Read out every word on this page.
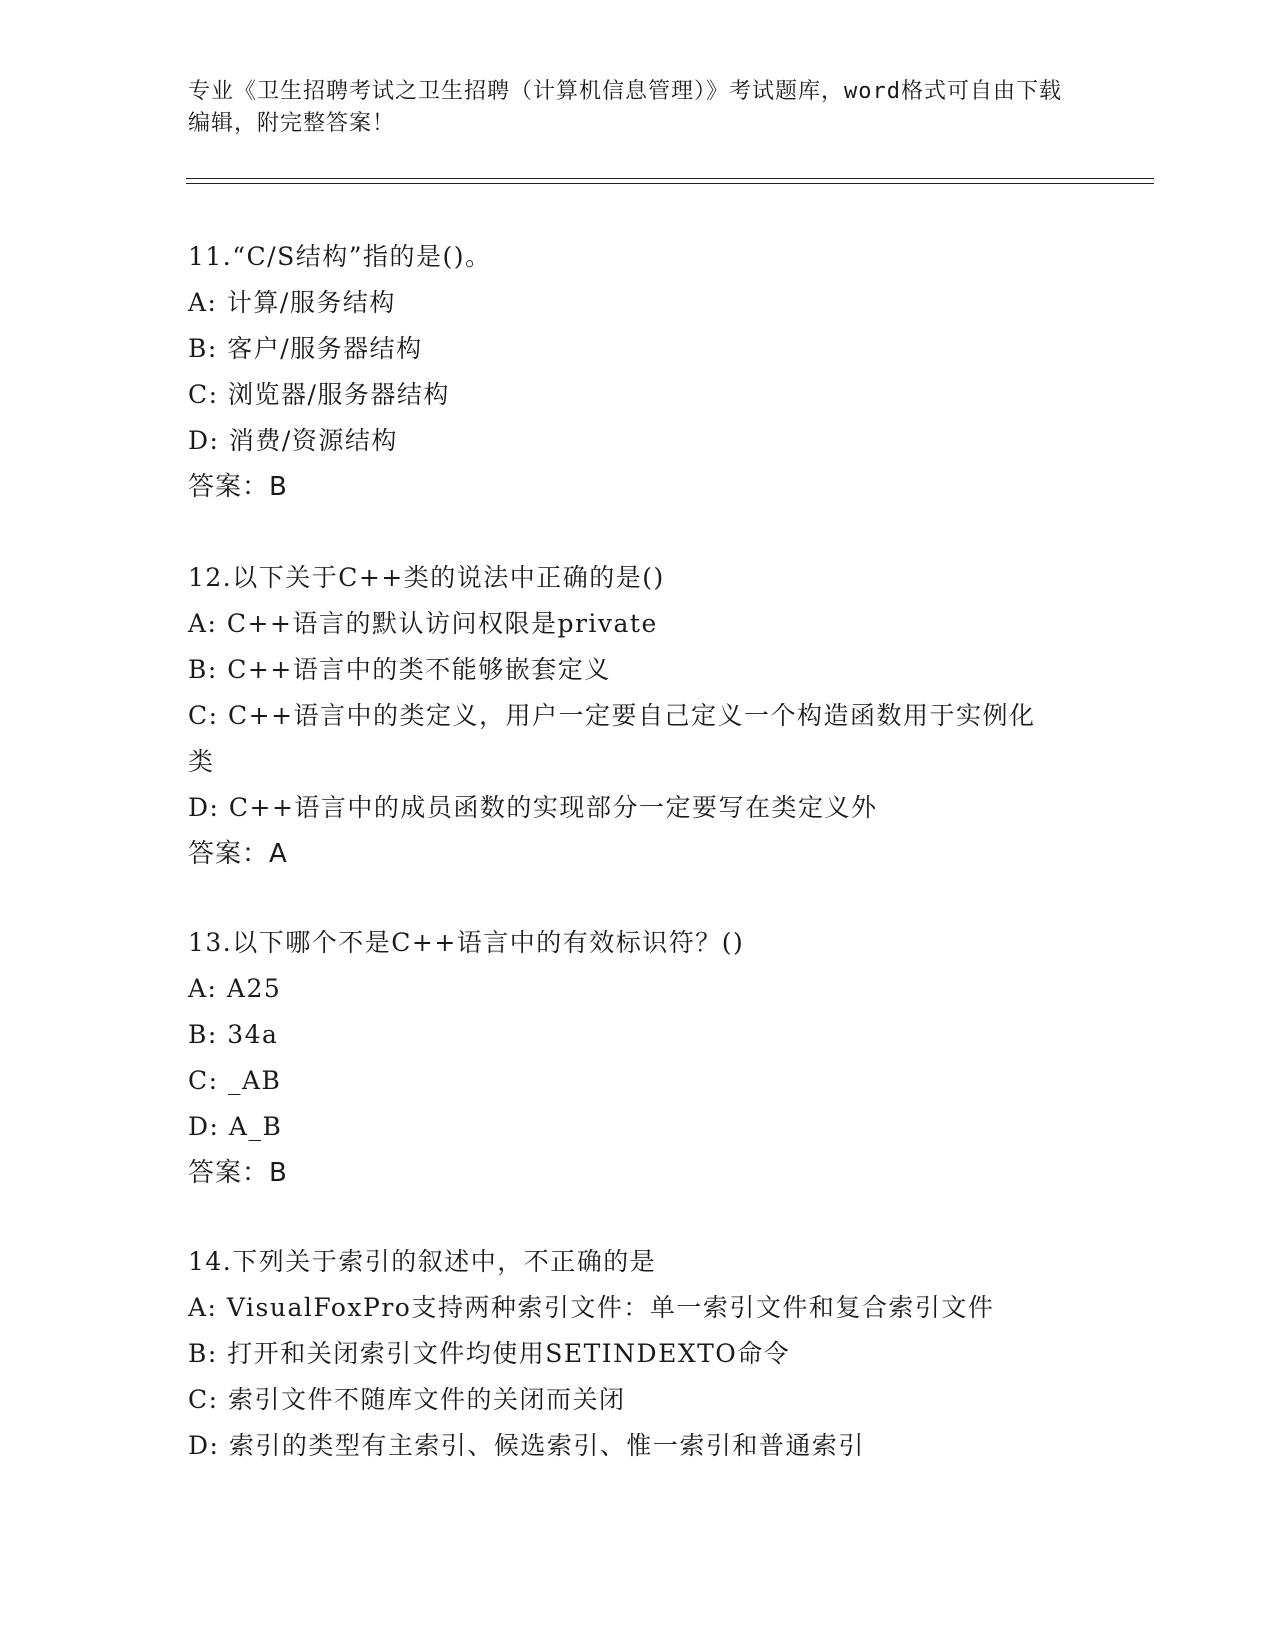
专业《卫生招聘考试之卫生招聘（计算机信息管理）》考试题库，word格式可自由下载编辑，附完整答案！
11.“C/S结构”指的是()。
A: 计算/服务结构
B: 客户/服务器结构
C: 浏览器/服务器结构
D: 消费/资源结构
答案：B
12.以下关于C++类的说法中正确的是()
A: C++语言的默认访问权限是private
B: C++语言中的类不能够嵌套定义
C: C++语言中的类定义，用户一定要自己定义一个构造函数用于实例化类
D: C++语言中的成员函数的实现部分一定要写在类定义外
答案：A
13.以下哪个不是C++语言中的有效标识符？()
A: A25
B: 34a
C: _AB
D: A_B
答案：B
14.下列关于索引的叙述中，不正确的是
A: VisualFoxPro支持两种索引文件：单一索引文件和复合索引文件
B: 打开和关闭索引文件均使用SETINDEXTO命令
C: 索引文件不随库文件的关闭而关闭
D: 索引的类型有主索引、候选索引、惟一索引和普通索引
